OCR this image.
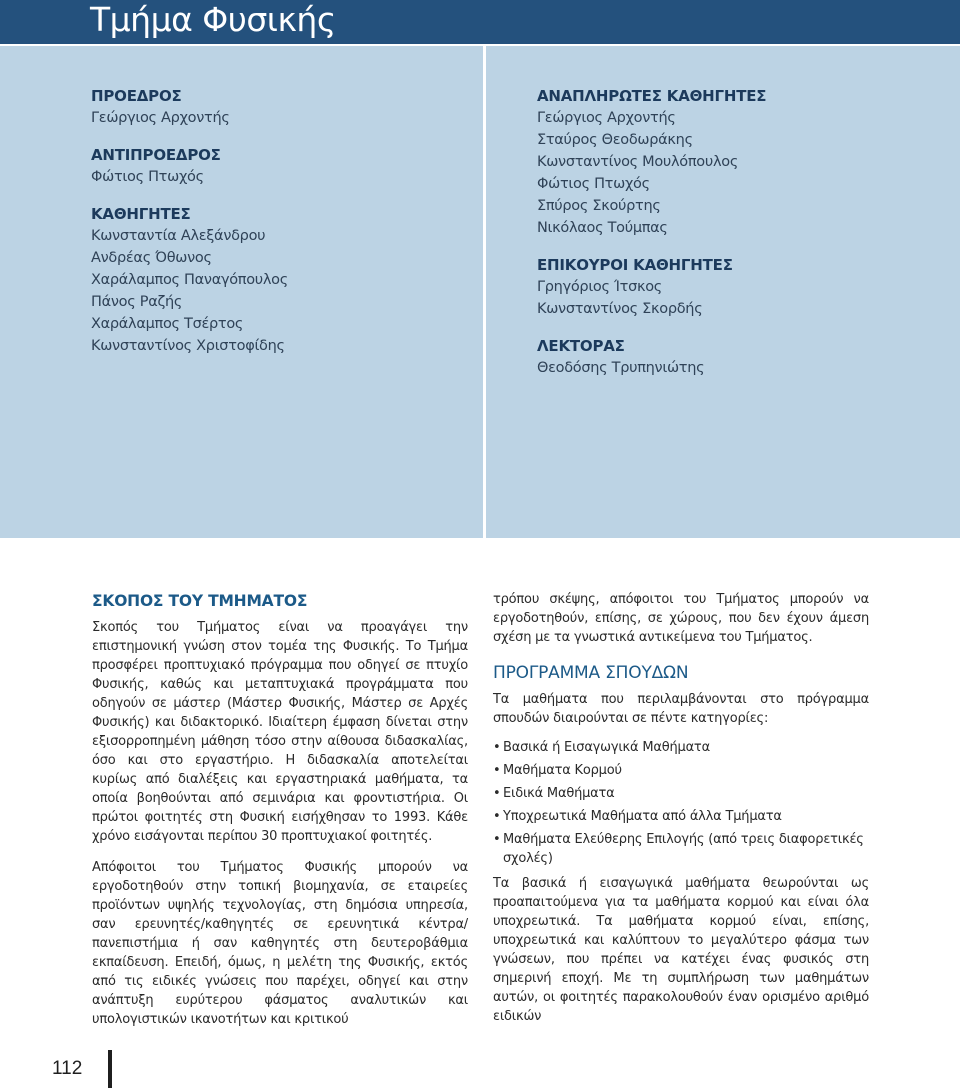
Τμήμα Φυσικής
ΠΡΟΕΔΡΟΣ
Γεώργιος Αρχοντής
ΑΝΤΙΠΡΟΕΔΡΟΣ
Φώτιος Πτωχός
ΚΑΘΗΓΗΤΕΣ
Κωνσταντία Αλεξάνδρου
Ανδρέας Όθωνος
Χαράλαμπος Παναγόπουλος
Πάνος Ραζής
Χαράλαμπος Τσέρτος
Κωνσταντίνος Χριστοφίδης
ΑΝΑΠΛΗΡΩΤΕΣ ΚΑΘΗΓΗΤΕΣ
Γεώργιος Αρχοντής
Σταύρος Θεοδωράκης
Κωνσταντίνος Μουλόπουλος
Φώτιος Πτωχός
Σπύρος Σκούρτης
Νικόλαος Τούμπας
ΕΠΙΚΟΥΡΟΙ ΚΑΘΗΓΗΤΕΣ
Γρηγόριος Ίτσκος
Κωνσταντίνος Σκορδής
ΛΕΚΤΟΡΑΣ
Θεοδόσης Τρυπηνιώτης
ΣΚΟΠΟΣ ΤΟΥ ΤΜΗΜΑΤΟΣ

Σκοπός του Τμήματος είναι να προαγάγει την επιστημονική γνώση στον τομέα της Φυσικής. Το Τμήμα προσφέρει προπτυχιακό πρόγραμμα που οδηγεί σε πτυχίο Φυσικής, καθώς και μεταπτυχιακά προγράμματα που οδηγούν σε μάστερ (Μάστερ Φυσικής, Μάστερ σε Αρχές Φυσικής) και διδακτορικό. Ιδιαίτερη έμφαση δίνεται στην εξισορροπημένη μάθηση τόσο στην αίθουσα διδασκαλίας, όσο και στο εργαστήριο. Η διδασκαλία αποτελείται κυρίως από διαλέξεις και εργαστηριακά μαθήματα, τα οποία βοηθούνται από σεμινάρια και φροντιστήρια. Οι πρώτοι φοιτητές στη Φυσική εισήχθησαν το 1993. Κάθε χρόνο εισάγονται περίπου 30 προπτυχιακοί φοιτητές.

Απόφοιτοι του Τμήματος Φυσικής μπορούν να εργοδοτηθούν στην τοπική βιομηχανία, σε εταιρείες προϊόντων υψηλής τεχνολογίας, στη δημόσια υπηρεσία, σαν ερευνητές/καθηγητές σε ερευνητικά κέντρα/πανεπιστήμια ή σαν καθηγητές στη δευτεροβάθμια εκπαίδευση. Επειδή, όμως, η μελέτη της Φυσικής, εκτός από τις ειδικές γνώσεις που παρέχει, οδηγεί και στην ανάπτυξη ευρύτερου φάσματος αναλυτικών και υπολογιστικών ικανοτήτων και κριτικού

τρόπου σκέψης, απόφοιτοι του Τμήματος μπορούν να εργοδοτηθούν, επίσης, σε χώρους, που δεν έχουν άμεση σχέση με τα γνωστικά αντικείμενα του Τμήματος.

ΠΡΟΓΡΑΜΜΑ ΣΠΟΥΔΩΝ

Τα μαθήματα που περιλαμβάνονται στο πρόγραμμα σπουδών διαιρούνται σε πέντε κατηγορίες:

• Βασικά ή Εισαγωγικά Μαθήματα
• Μαθήματα Κορμού
• Ειδικά Μαθήματα
• Υποχρεωτικά Μαθήματα από άλλα Τμήματα
• Μαθήματα Ελεύθερης Επιλογής (από τρεις διαφορετικές σχολές)

Τα βασικά ή εισαγωγικά μαθήματα θεωρούνται ως προαπαιτούμενα για τα μαθήματα κορμού και είναι όλα υποχρεωτικά. Τα μαθήματα κορμού είναι, επίσης, υποχρεωτικά και καλύπτουν το μεγαλύτερο φάσμα των γνώσεων, που πρέπει να κατέχει ένας φυσικός στη σημερινή εποχή. Με τη συμπλήρωση των μαθημάτων αυτών, οι φοιτητές παρακολουθούν έναν ορισμένο αριθμό ειδικών

112
